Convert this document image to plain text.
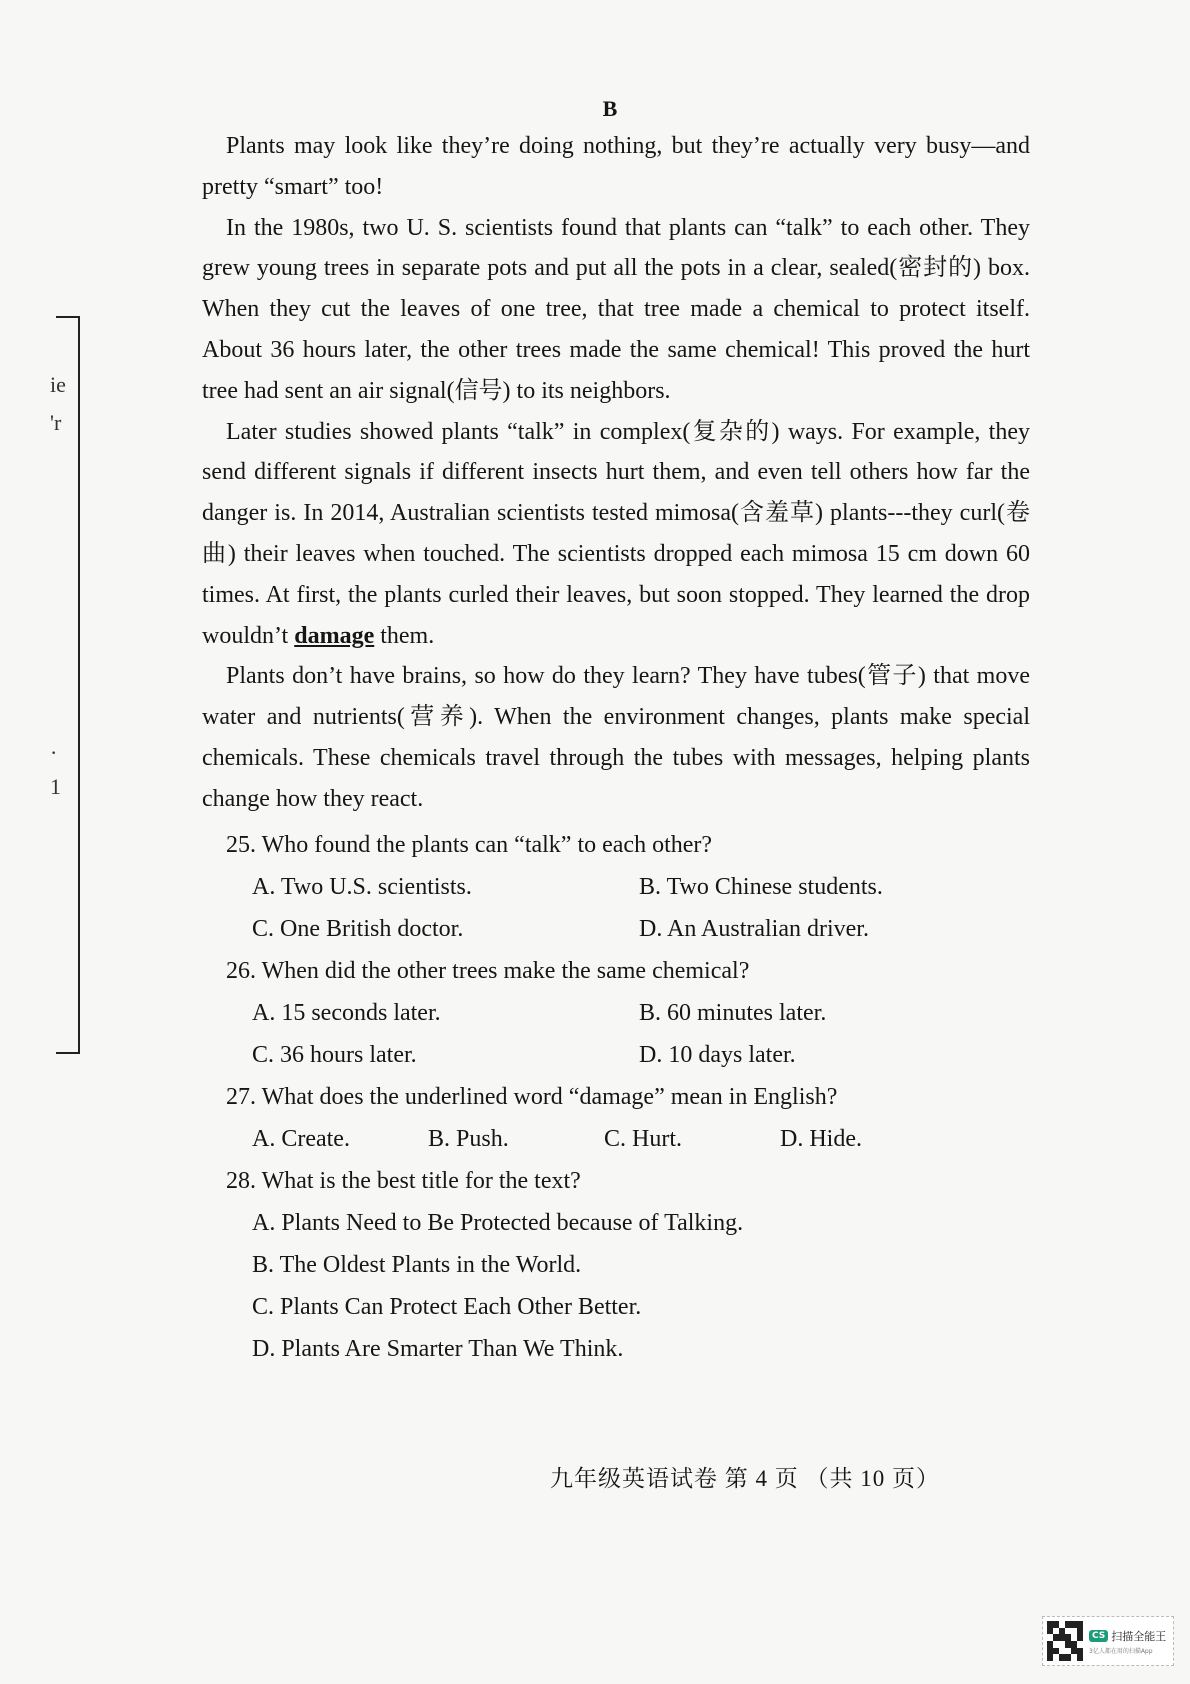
ie
'r
·
1
B

Plants may look like they’re doing nothing, but they’re actually very busy—and pretty “smart” too!

In the 1980s, two U. S. scientists found that plants can “talk” to each other. They grew young trees in separate pots and put all the pots in a clear, sealed(密封的) box. When they cut the leaves of one tree, that tree made a chemical to protect itself. About 36 hours later, the other trees made the same chemical! This proved the hurt tree had sent an air signal(信号) to its neighbors.

Later studies showed plants “talk” in complex(复杂的) ways. For example, they send different signals if different insects hurt them, and even tell others how far the danger is. In 2014, Australian scientists tested mimosa(含羞草) plants---they curl(卷曲) their leaves when touched. The scientists dropped each mimosa 15 cm down 60 times. At first, the plants curled their leaves, but soon stopped. They learned the drop wouldn’t damage them.

Plants don’t have brains, so how do they learn? They have tubes(管子) that move water and nutrients(营养). When the environment changes, plants make special chemicals. These chemicals travel through the tubes with messages, helping plants change how they react.

25. Who found the plants can “talk” to each other?
A. Two U.S. scientists.	B. Two Chinese students.
C. One British doctor.	D. An Australian driver.
26. When did the other trees make the same chemical?
A. 15 seconds later.	B. 60 minutes later.
C. 36 hours later.	D. 10 days later.
27. What does the underlined word “damage” mean in English?
A. Create.	B. Push.	C. Hurt.	D. Hide.
28. What is the best title for the text?
A. Plants Need to Be Protected because of Talking.
B. The Oldest Plants in the World.
C. Plants Can Protect Each Other Better.
D. Plants Are Smarter Than We Think.
九年级英语试卷 第 4 页 （共 10 页）
CS 扫描全能王
3亿人都在用的扫描App
